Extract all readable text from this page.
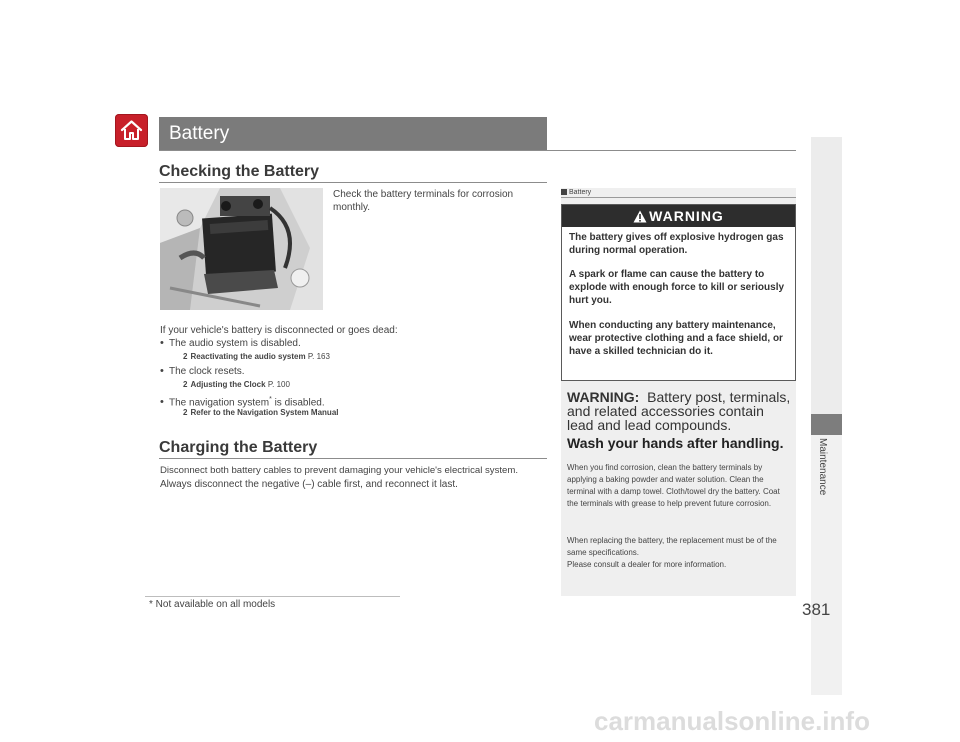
Battery
Checking the Battery
Check the battery terminals for corrosion monthly.
If your vehicle's battery is disconnected or goes dead:
• The audio system is disabled.
2 Reactivating the audio system P. 163
• The clock resets.
2 Adjusting the Clock P. 100
• The navigation system* is disabled.
2 Refer to the Navigation System Manual
Charging the Battery
Disconnect both battery cables to prevent damaging your vehicle's electrical system.
Always disconnect the negative (–) cable first, and reconnect it last.
Battery
WARNING
The battery gives off explosive hydrogen gas during normal operation.
A spark or flame can cause the battery to explode with enough force to kill or seriously hurt you.
When conducting any battery maintenance, wear protective clothing and a face shield, or have a skilled technician do it.
WARNING: Battery post, terminals, and related accessories contain lead and lead compounds.
Wash your hands after handling.
When you find corrosion, clean the battery terminals by applying a baking powder and water solution. Clean the terminal with a damp towel. Cloth/towel dry the battery. Coat the terminals with grease to help prevent future corrosion.
When replacing the battery, the replacement must be of the same specifications.
Please consult a dealer for more information.
Maintenance
* Not available on all models	381
carmanualsonline.info
